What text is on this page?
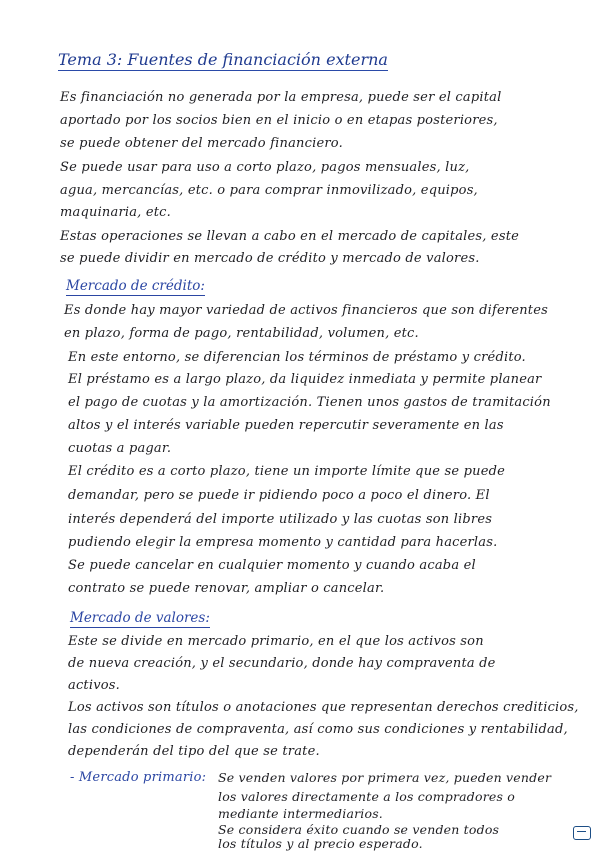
Tema 3: Fuentes de financiación externa
Es financiación no generada por la empresa, puede ser el capital
aportado por los socios bien en el inicio o en etapas posteriores,
se puede obtener del mercado financiero.
Se puede usar para uso a corto plazo, pagos mensuales, luz,
agua, mercancías, etc. o para comprar inmovilizado, equipos,
maquinaria, etc.
Estas operaciones se llevan a cabo en el mercado de capitales, este
se puede dividir en mercado de crédito y mercado de valores.
Mercado de crédito:
Es donde hay mayor variedad de activos financieros que son diferentes
en plazo, forma de pago, rentabilidad, volumen, etc.
En este entorno, se diferencian los términos de préstamo y crédito.
El préstamo es a largo plazo, da liquidez inmediata y permite planear
el pago de cuotas y la amortización. Tienen unos gastos de tramitación
altos y el interés variable pueden repercutir severamente en las
cuotas a pagar.
El crédito es a corto plazo, tiene un importe límite que se puede
demandar, pero se puede ir pidiendo poco a poco el dinero. El
interés dependerá del importe utilizado y las cuotas son libres
pudiendo elegir la empresa momento y cantidad para hacerlas.
Se puede cancelar en cualquier momento y cuando acaba el
contrato se puede renovar, ampliar o cancelar.
Mercado de valores:
Este se divide en mercado primario, en el que los activos son
de nueva creación, y el secundario, donde hay compraventa de
activos.
Los activos son títulos o anotaciones que representan derechos crediticios,
las condiciones de compraventa, así como sus condiciones y rentabilidad,
dependerán del tipo del que se trate.
- Mercado primario: Se venden valores por primera vez, pueden vender
los valores directamente a los compradores o
mediante intermediarios.
Se considera éxito cuando se venden todos
los títulos y al precio esperado.
